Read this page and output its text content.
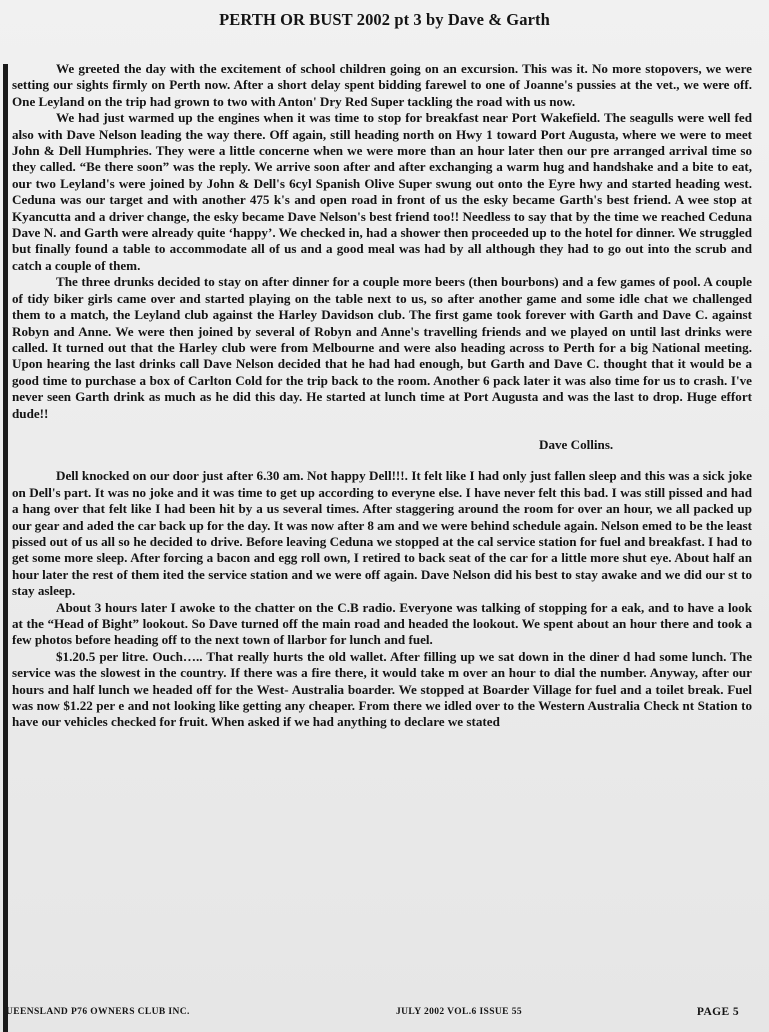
PERTH OR BUST 2002 pt 3 by Dave & Garth

We greeted the day with the excitement of school children going on an excursion. This was it. No more stopovers, we were setting our sights firmly on Perth now. After a short delay spent bidding farewel to one of Joanne's pussies at the vet., we were off. One Leyland on the trip had grown to two with Anton' Dry Red Super tackling the road with us now.

We had just warmed up the engines when it was time to stop for breakfast near Port Wakefield. The seagulls were well fed also with Dave Nelson leading the way there. Off again, still heading north on Hwy 1 toward Port Augusta, where we were to meet John & Dell Humphries. They were a little concerne when we were more than an hour later then our pre arranged arrival time so they called. “Be there soon” was the reply. We arrive soon after and after exchanging a warm hug and handshake and a bite to eat, our two Leyland's were joined by John & Dell's 6cyl Spanish Olive Super swung out onto the Eyre hwy and started heading west. Ceduna was our target and with another 475 k's and open road in front of us the esky became Garth's best friend. A wee stop at Kyancutta and a driver change, the esky became Dave Nelson's best friend too!! Needless to say that by the time we reached Ceduna Dave N. and Garth were already quite ‘happy’. We checked in, had a shower then proceeded up to the hotel for dinner. We struggled but finally found a table to accommodate all of us and a good meal was had by all although they had to go out into the scrub and catch a couple of them.

The three drunks decided to stay on after dinner for a couple more beers (then bourbons) and a few games of pool. A couple of tidy biker girls came over and started playing on the table next to us, so after another game and some idle chat we challenged them to a match, the Leyland club against the Harley Davidson club. The first game took forever with Garth and Dave C. against Robyn and Anne. We were then joined by several of Robyn and Anne's travelling friends and we played on until last drinks were called. It turned out that the Harley club were from Melbourne and were also heading across to Perth for a big National meeting. Upon hearing the last drinks call Dave Nelson decided that he had had enough, but Garth and Dave C. thought that it would be a good time to purchase a box of Carlton Cold for the trip back to the room. Another 6 pack later it was also time for us to crash. I've never seen Garth drink as much as he did this day. He started at lunch time at Port Augusta and was the last to drop. Huge effort dude!!

Dave Collins.

Dell knocked on our door just after 6.30 am. Not happy Dell!!!. It felt like I had only just fallen sleep and this was a sick joke on Dell's part. It was no joke and it was time to get up according to everyne else. I have never felt this bad. I was still pissed and had a hang over that felt like I had been hit by a us several times. After staggering around the room for over an hour, we all packed up our gear and aded the car back up for the day. It was now after 8 am and we were behind schedule again. Nelson emed to be the least pissed out of us all so he decided to drive. Before leaving Ceduna we stopped at the cal service station for fuel and breakfast. I had to get some more sleep. After forcing a bacon and egg roll own, I retired to back seat of the car for a little more shut eye. About half an hour later the rest of them ited the service station and we were off again. Dave Nelson did his best to stay awake and we did our st to stay asleep.

About 3 hours later I awoke to the chatter on the C.B radio. Everyone was talking of stopping for a eak, and to have a look at the “Head of Bight” lookout. So Dave turned off the main road and headed the lookout. We spent about an hour there and took a few photos before heading off to the next town of llarbor for lunch and fuel.

$1.20.5 per litre. Ouch….. That really hurts the old wallet. After filling up we sat down in the diner d had some lunch. The service was the slowest in the country. If there was a fire there, it would take m over an hour to dial the number. Anyway, after our hours and half lunch we headed off for the West- Australia boarder. We stopped at Boarder Village for fuel and a toilet break. Fuel was now $1.22 per e and not looking like getting any cheaper. From there we idled over to the Western Australia Check nt Station to have our vehicles checked for fruit. When asked if we had anything to declare we stated

UEENSLAND P76 OWNERS CLUB INC.	JULY 2002 VOL.6 ISSUE 55	PAGE 5
